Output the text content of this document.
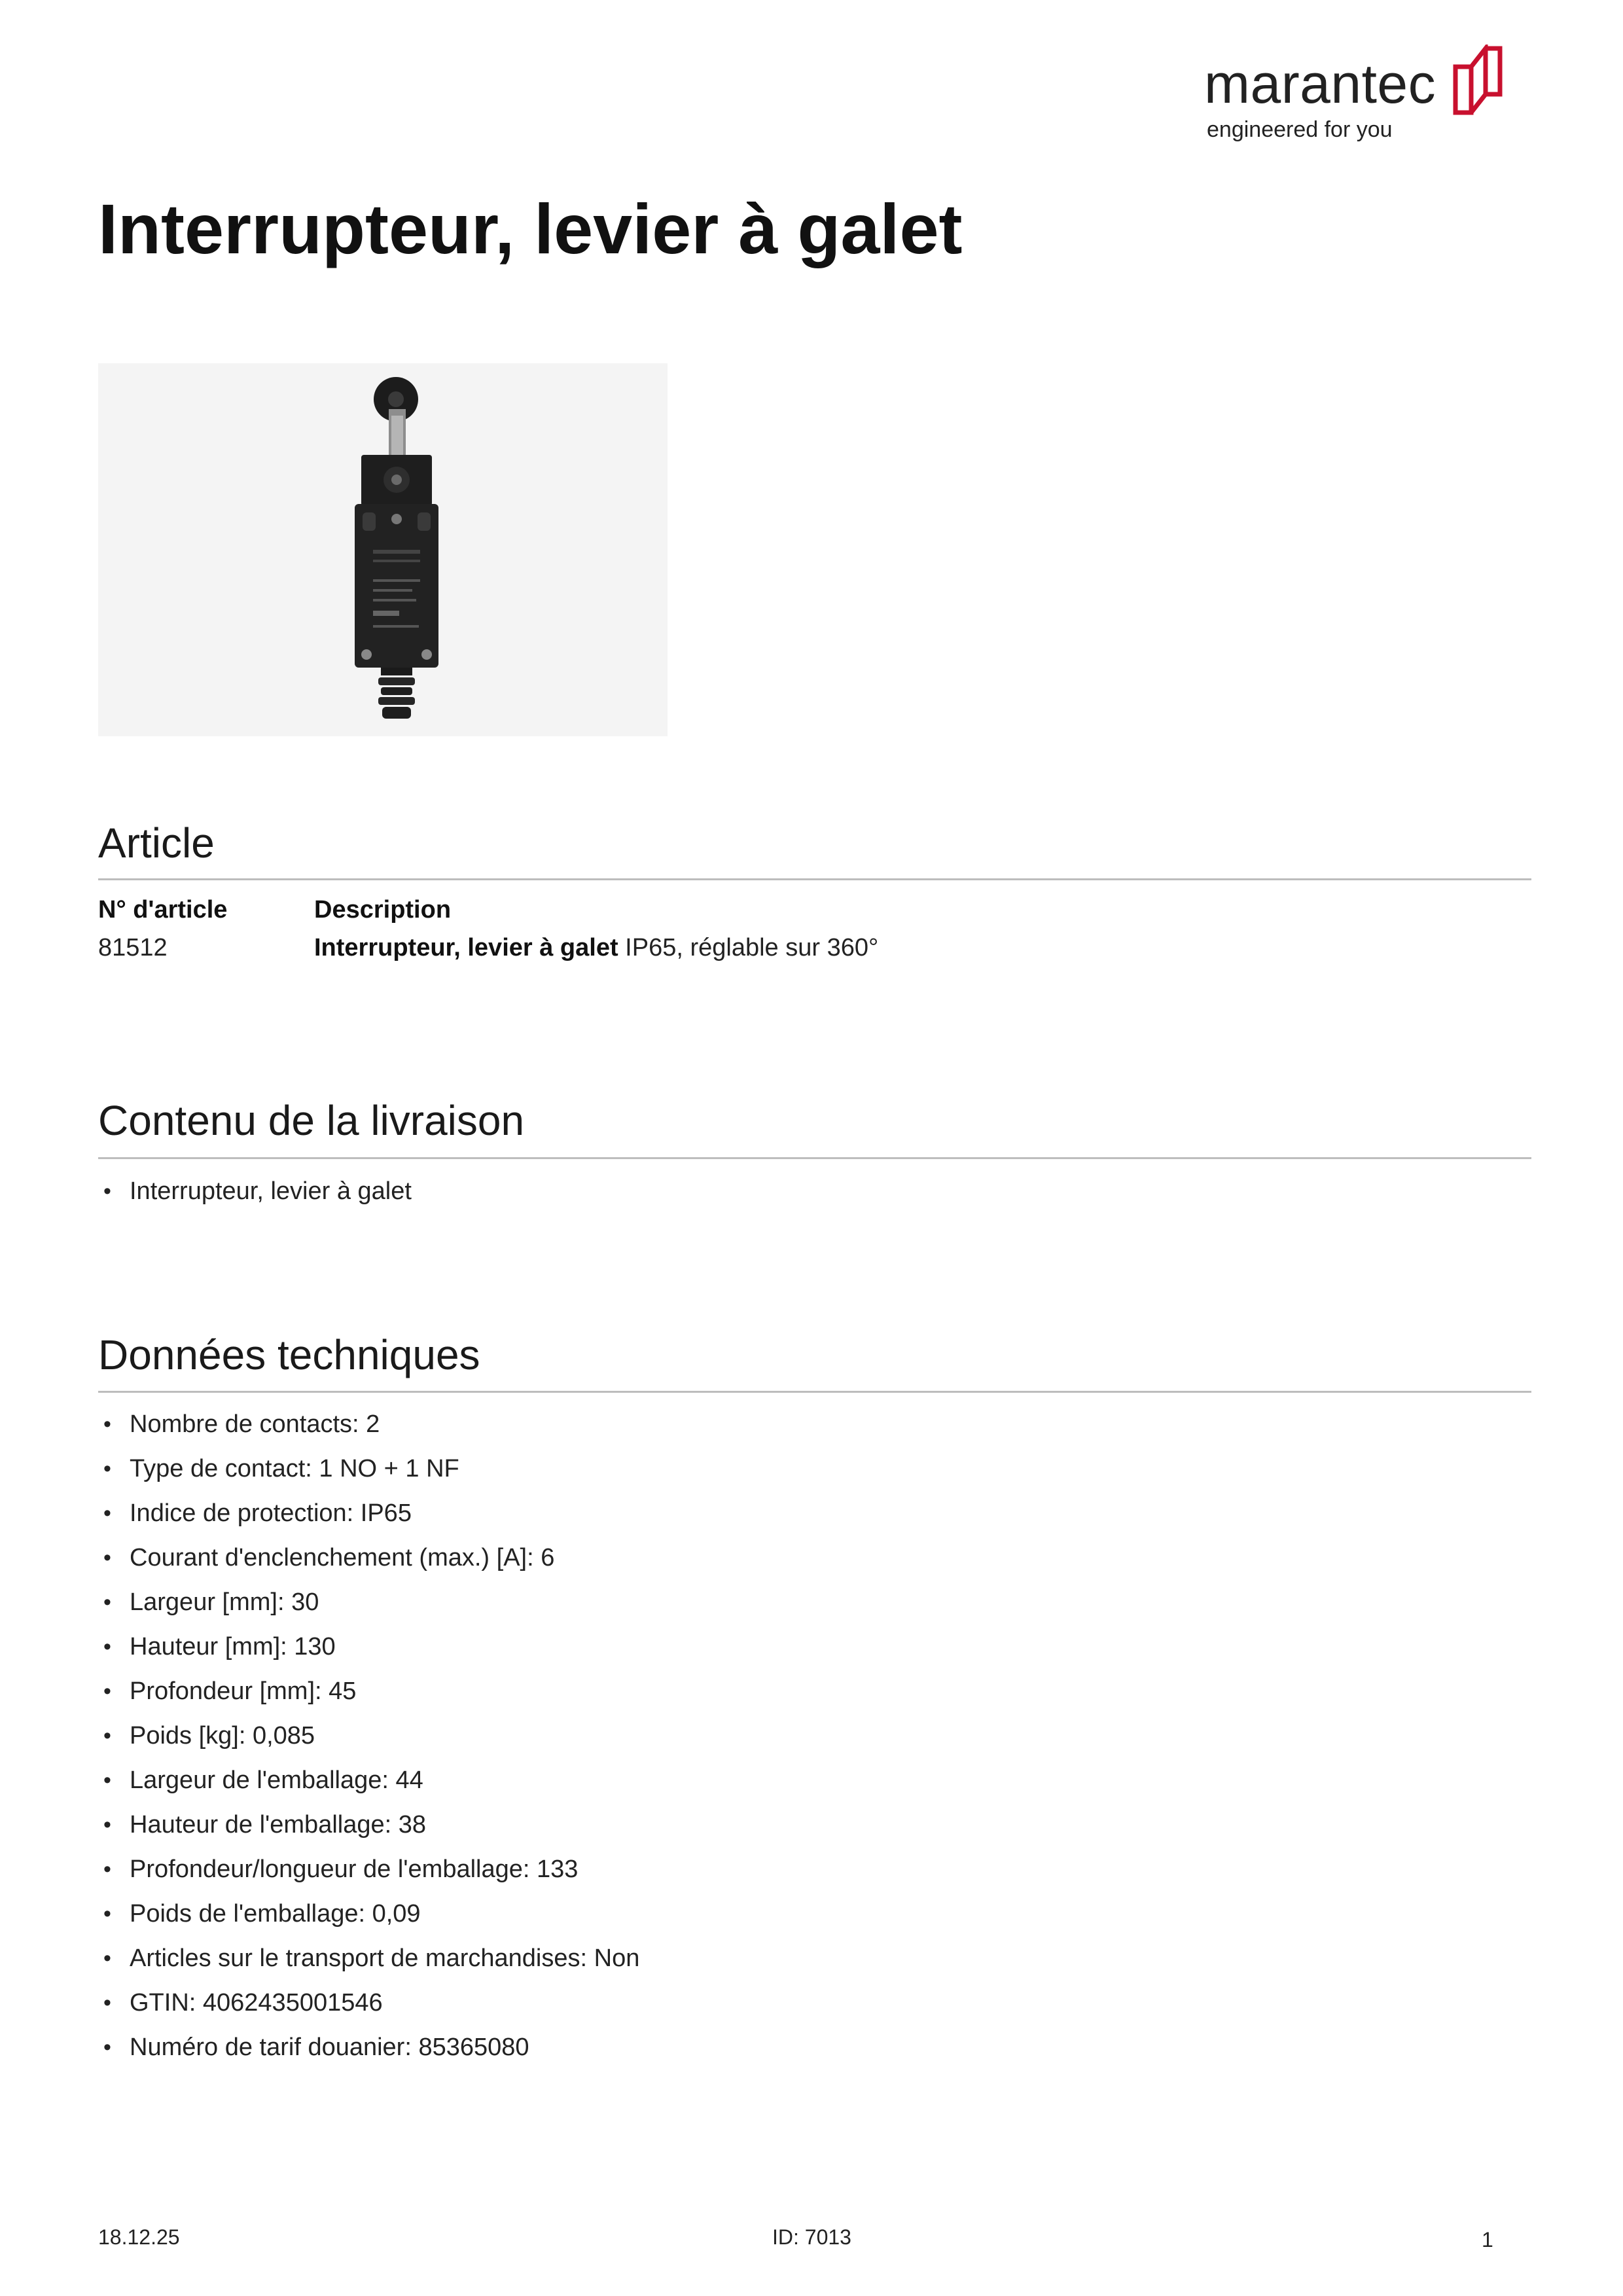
marantec
engineered for you
Interrupteur, levier à galet
Article
N° d'article	Description
81512	Interrupteur, levier à galet IP65, réglable sur 360°
Contenu de la livraison
• Interrupteur, levier à galet
Données techniques
• Nombre de contacts: 2
• Type de contact: 1 NO + 1 NF
• Indice de protection: IP65
• Courant d'enclenchement (max.) [A]: 6
• Largeur [mm]: 30
• Hauteur [mm]: 130
• Profondeur [mm]: 45
• Poids [kg]: 0,085
• Largeur de l'emballage: 44
• Hauteur de l'emballage: 38
• Profondeur/longueur de l'emballage: 133
• Poids de l'emballage: 0,09
• Articles sur le transport de marchandises: Non
• GTIN: 4062435001546
• Numéro de tarif douanier: 85365080
18.12.25	ID: 7013	1
